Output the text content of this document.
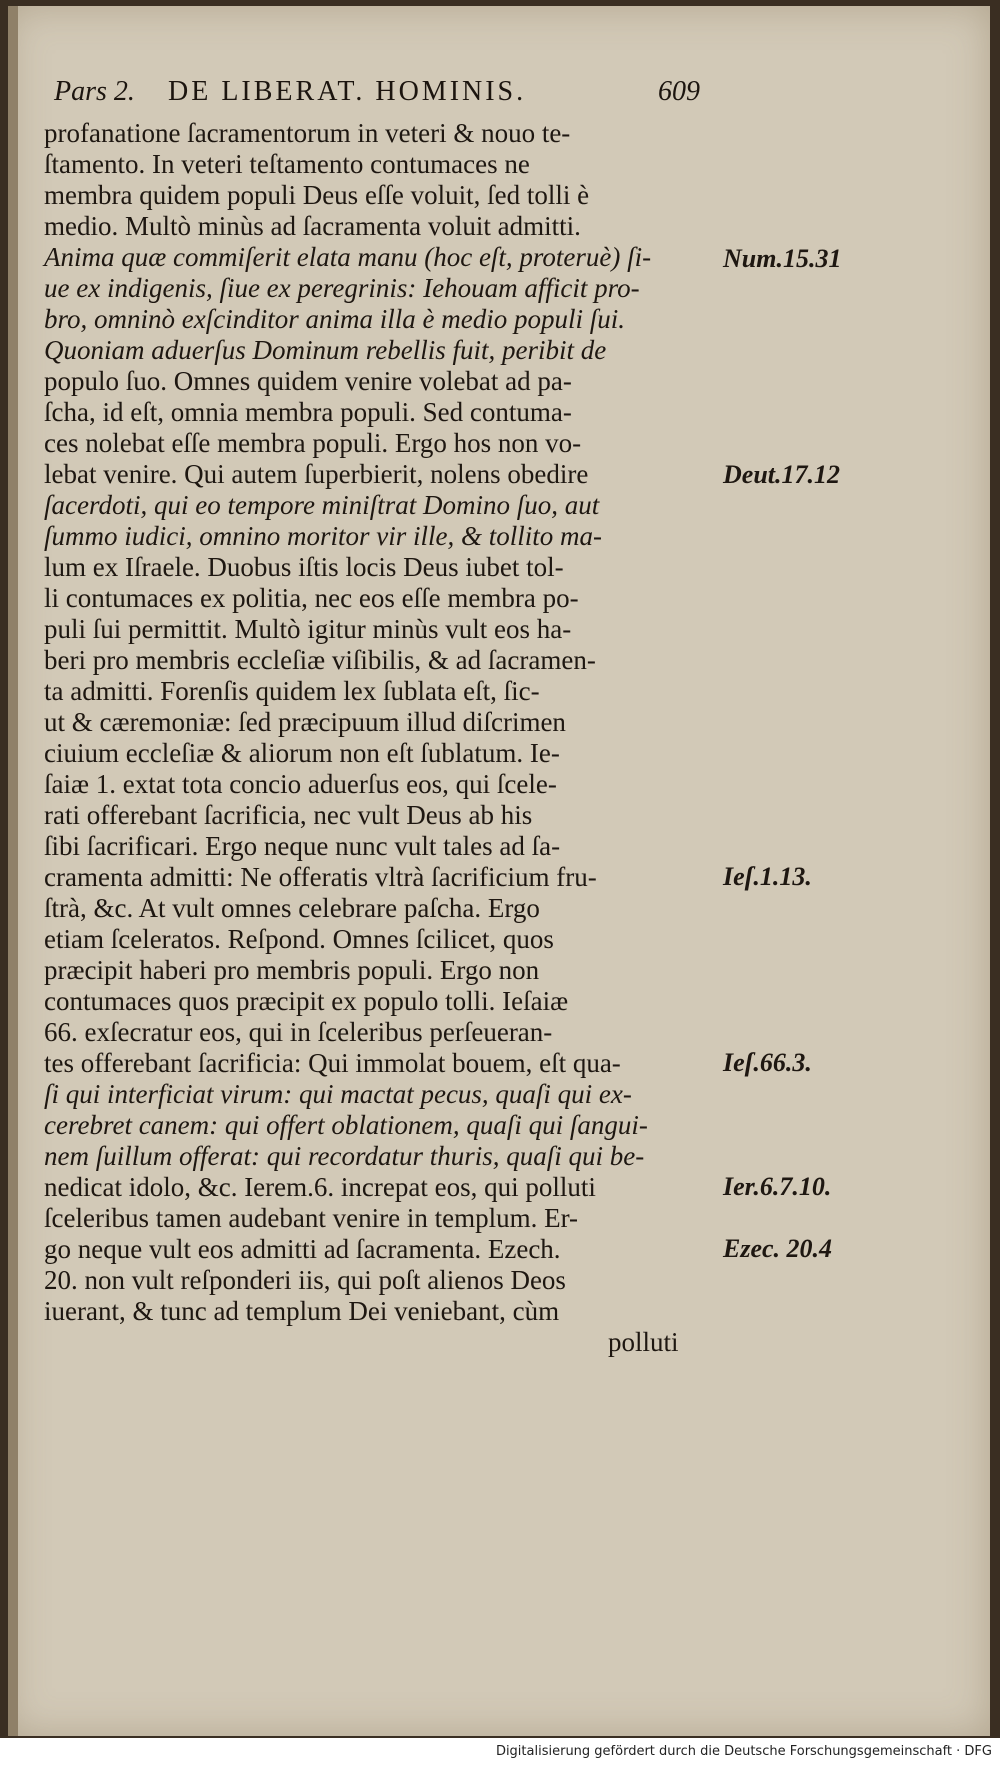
Pars 2. DE LIBERAT. HOMINIS.	609
profanatione ſacramentorum in veteri & nouo te-
ſtamento. In veteri teſtamento contumaces ne
membra quidem populi Deus eſſe voluit, ſed tolli è
medio. Multò minùs ad ſacramenta voluit admitti.
Anima quæ commiſerit elata manu (hoc eſt, proteruè) ſi-
ue ex indigenis, ſiue ex peregrinis: Iehouam afficit pro-
bro, omninò exſcinditor anima illa è medio populi ſui.
Quoniam aduerſus Dominum rebellis fuit, peribit de
populo ſuo. Omnes quidem venire volebat ad pa-
ſcha, id eſt, omnia membra populi. Sed contuma-
ces nolebat eſſe membra populi. Ergo hos non vo-
lebat venire. Qui autem ſuperbierit, nolens obedire
ſacerdoti, qui eo tempore miniſtrat Domino ſuo, aut
ſummo iudici, omnino moritor vir ille, & tollito ma-
lum ex Iſraele. Duobus iſtis locis Deus iubet tol-
li contumaces ex politia, nec eos eſſe membra po-
puli ſui permittit. Multò igitur minùs vult eos ha-
beri pro membris eccleſiæ viſibilis, & ad ſacramen-
ta admitti. Forenſis quidem lex ſublata eſt, ſic-
ut & cæremoniæ: ſed præcipuum illud diſcrimen
ciuium eccleſiæ & aliorum non eſt ſublatum. Ie-
ſaiæ 1. extat tota concio aduerſus eos, qui ſcele-
rati offerebant ſacrificia, nec vult Deus ab his
ſibi ſacrificari. Ergo neque nunc vult tales ad ſa-
cramenta admitti: Ne offeratis vltrà ſacrificium fru-
ſtrà, &c. At vult omnes celebrare paſcha. Ergo
etiam ſceleratos. Reſpond. Omnes ſcilicet, quos
præcipit haberi pro membris populi. Ergo non
contumaces quos præcipit ex populo tolli. Ieſaiæ
66. exſecratur eos, qui in ſceleribus perſeueran-
tes offerebant ſacrificia: Qui immolat bouem, eſt qua-
ſi qui interficiat virum: qui mactat pecus, quaſi qui ex-
cerebret canem: qui offert oblationem, quaſi qui ſangui-
nem ſuillum offerat: qui recordatur thuris, quaſi qui be-
nedicat idolo, &c. Ierem.6. increpat eos, qui polluti
ſceleribus tamen audebant venire in templum. Er-
go neque vult eos admitti ad ſacramenta. Ezech.
20. non vult reſponderi iis, qui poſt alienos Deos
iuerant, & tunc ad templum Dei veniebant, cùm
polluti
Num.15.31
Deut.17.12
Ieſ.1.13.
Ieſ.66.3.
Ier.6.7.10.
Ezec. 20.4
Digitalisierung gefördert durch die Deutsche Forschungsgemeinschaft · DFG
